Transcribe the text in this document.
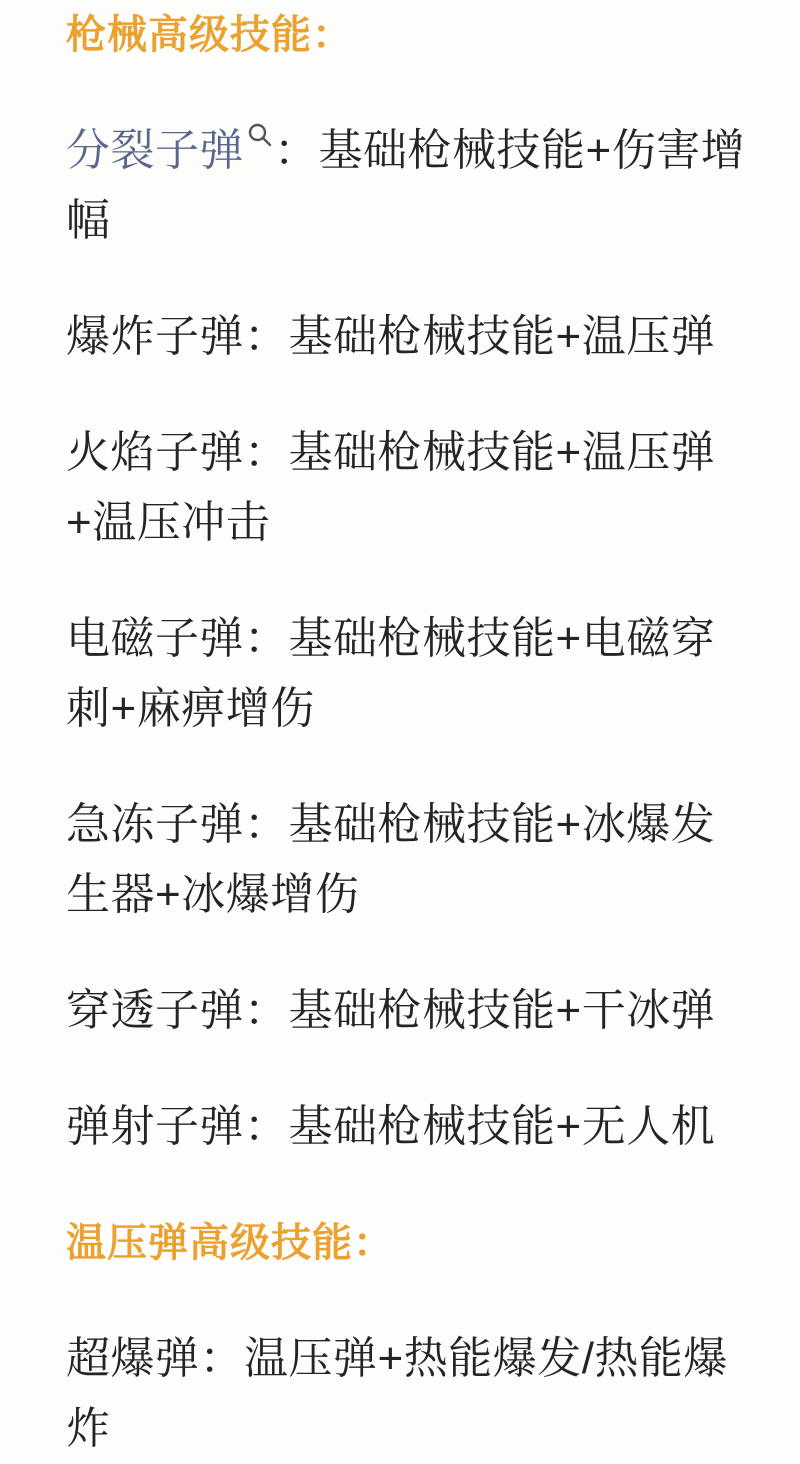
枪械高级技能：

分裂子弹 ：基础枪械技能+伤害增幅

爆炸子弹：基础枪械技能+温压弹

火焰子弹：基础枪械技能+温压弹+温压冲击

电磁子弹：基础枪械技能+电磁穿刺+麻痹增伤

急冻子弹：基础枪械技能+冰爆发生器+冰爆增伤

穿透子弹：基础枪械技能+干冰弹

弹射子弹：基础枪械技能+无人机

温压弹高级技能：

超爆弹：温压弹+热能爆发/热能爆炸
